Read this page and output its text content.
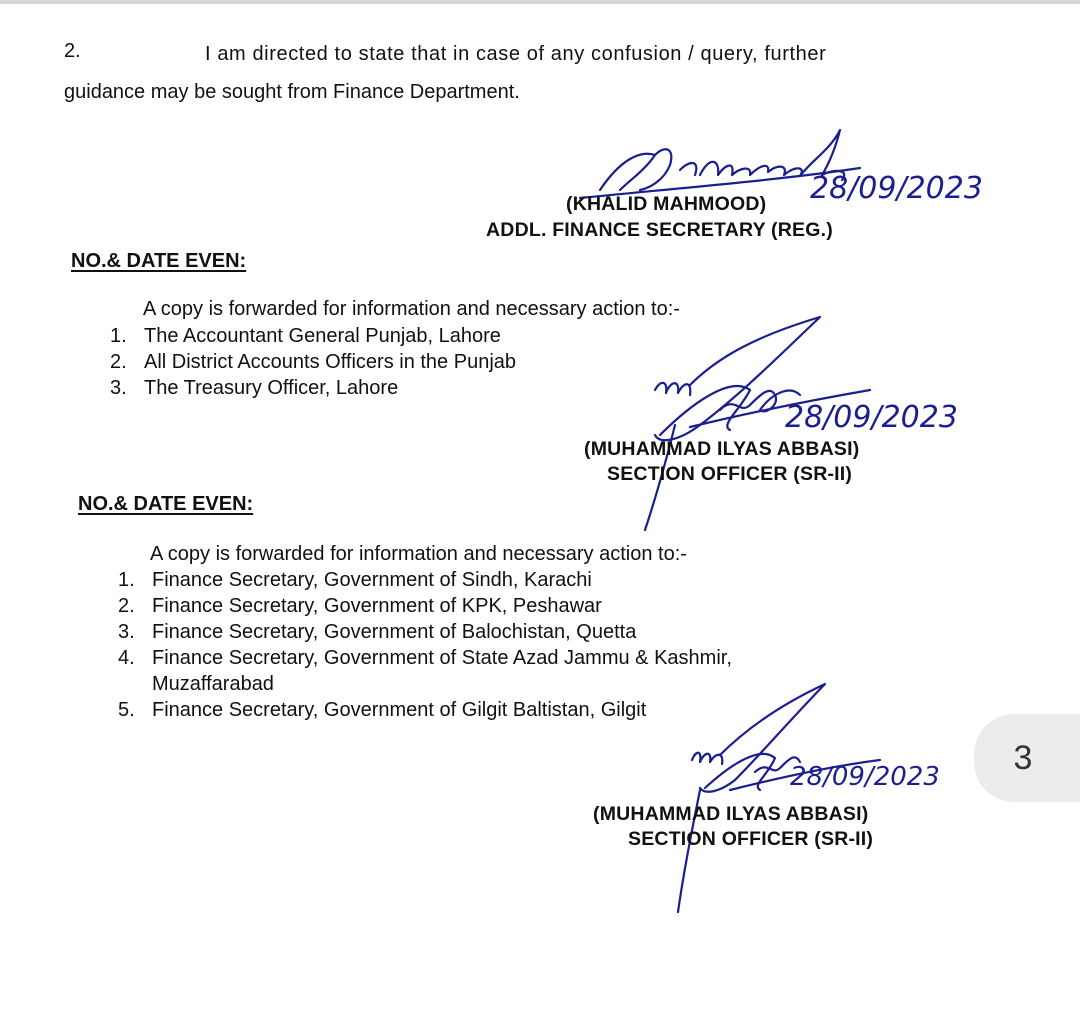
2.	I am directed to state that in case of any confusion / query, further
guidance may be sought from Finance Department.
28/09/2023
(KHALID MAHMOOD)
ADDL. FINANCE SECRETARY (REG.)
NO.& DATE EVEN:
A copy is forwarded for information and necessary action to:-
1. The Accountant General Punjab, Lahore
2. All District Accounts Officers in the Punjab
3. The Treasury Officer, Lahore
28/09/2023
(MUHAMMAD ILYAS ABBASI)
SECTION OFFICER (SR-II)
NO.& DATE EVEN:
A copy is forwarded for information and necessary action to:-
1. Finance Secretary, Government of Sindh, Karachi
2. Finance Secretary, Government of KPK, Peshawar
3. Finance Secretary, Government of Balochistan, Quetta
4. Finance Secretary, Government of State Azad Jammu & Kashmir,
Muzaffarabad
5. Finance Secretary, Government of Gilgit Baltistan, Gilgit
28/09/2023
(MUHAMMAD ILYAS ABBASI)
SECTION OFFICER (SR-II)
3
